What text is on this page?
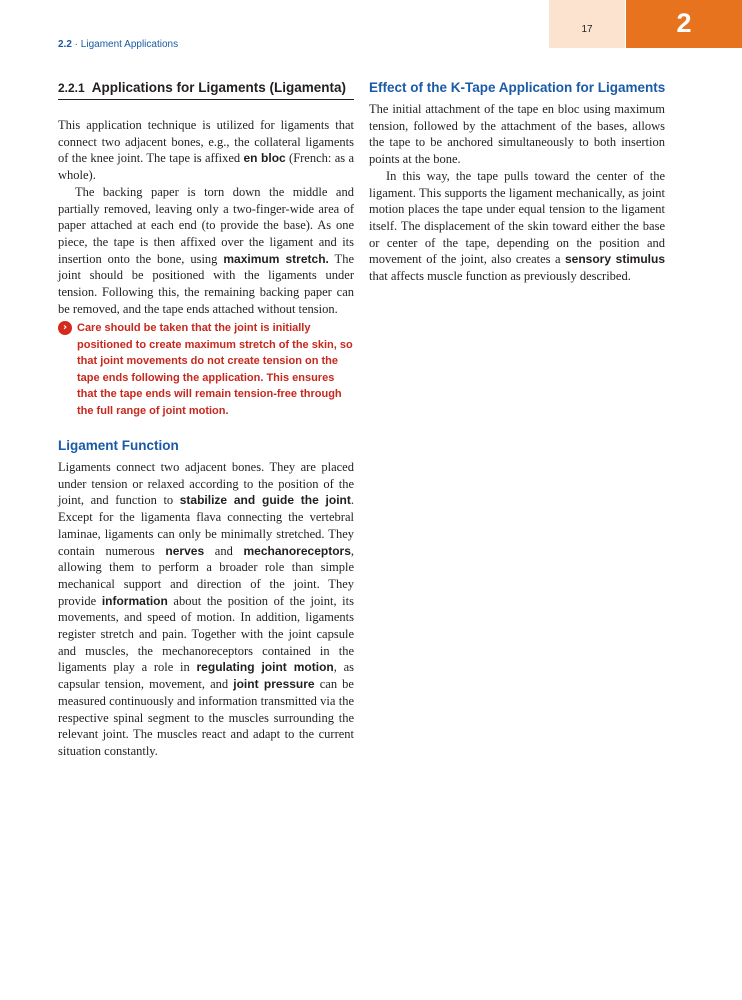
2.2 · Ligament Applications
17	2
2.2.1 Applications for Ligaments (Ligamenta)

This application technique is utilized for ligaments that connect two adjacent bones, e.g., the collateral ligaments of the knee joint. The tape is affixed en bloc (French: as a whole).

The backing paper is torn down the middle and partially removed, leaving only a two-finger-wide area of paper attached at each end (to provide the base). As one piece, the tape is then affixed over the ligament and its insertion onto the bone, using maximum stretch. The joint should be positioned with the ligaments under tension. Following this, the remaining backing paper can be removed, and the tape ends attached without tension.

› Care should be taken that the joint is initially positioned to create maximum stretch of the skin, so that joint movements do not create tension on the tape ends following the application. This ensures that the tape ends will remain tension-free through the full range of joint motion.
Ligament Function

Ligaments connect two adjacent bones. They are placed under tension or relaxed according to the position of the joint, and function to stabilize and guide the joint. Except for the ligamenta flava connecting the vertebral laminae, ligaments can only be minimally stretched. They contain numerous nerves and mechanoreceptors, allowing them to perform a broader role than simple mechanical support and direction of the joint. They provide information about the position of the joint, its movements, and speed of motion. In addition, ligaments register stretch and pain. Together with the joint capsule and muscles, the mechanoreceptors contained in the ligaments play a role in regulating joint motion, as capsular tension, movement, and joint pressure can be measured continuously and information transmitted via the respective spinal segment to the muscles surrounding the relevant joint. The muscles react and adapt to the current situation constantly.

Effect of the K-Tape Application for Ligaments

The initial attachment of the tape en bloc using maximum tension, followed by the attachment of the bases, allows the tape to be anchored simultaneously to both insertion points at the bone.

In this way, the tape pulls toward the center of the ligament. This supports the ligament mechanically, as joint motion places the tape under equal tension to the ligament itself. The displacement of the skin toward either the base or center of the tape, depending on the position and movement of the joint, also creates a sensory stimulus that affects muscle function as previously described.
